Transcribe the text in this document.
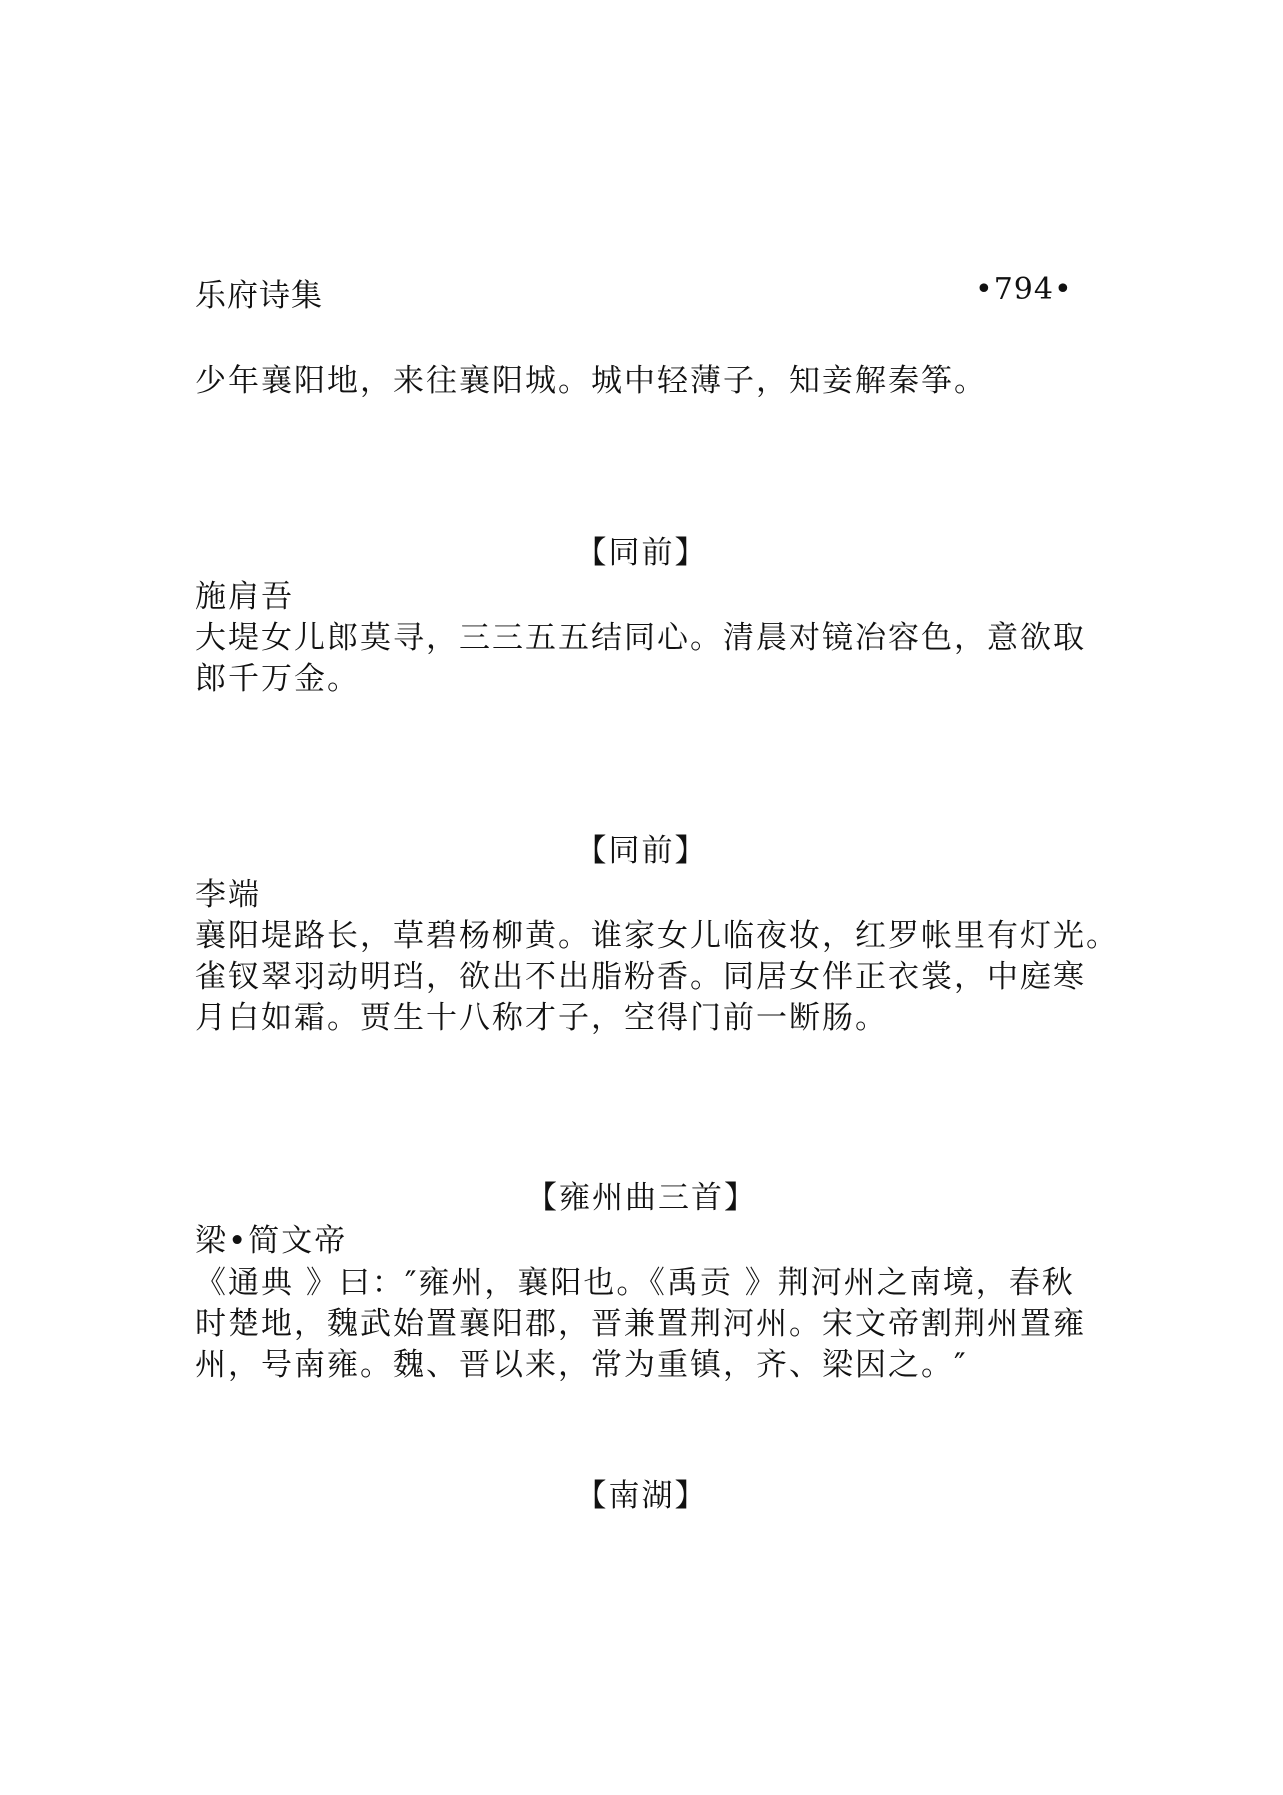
乐府诗集	•794•
少年襄阳地，来往襄阳城。城中轻薄子，知妾解秦筝。
【同前】
施肩吾
大堤女儿郎莫寻，三三五五结同心。清晨对镜冶容色，意欲取
郎千万金。
【同前】
李端
襄阳堤路长，草碧杨柳黄。谁家女儿临夜妆，红罗帐里有灯光。
雀钗翠羽动明珰，欲出不出脂粉香。同居女伴正衣裳，中庭寒
月白如霜。贾生十八称才子，空得门前一断肠。
【雍州曲三首】
梁•简文帝
《通典 》曰：″雍州，襄阳也。《禹贡 》荆河州之南境，春秋
时楚地，魏武始置襄阳郡，晋兼置荆河州。宋文帝割荆州置雍
州，号南雍。魏、晋以来，常为重镇，齐、梁因之。″
【南湖】
